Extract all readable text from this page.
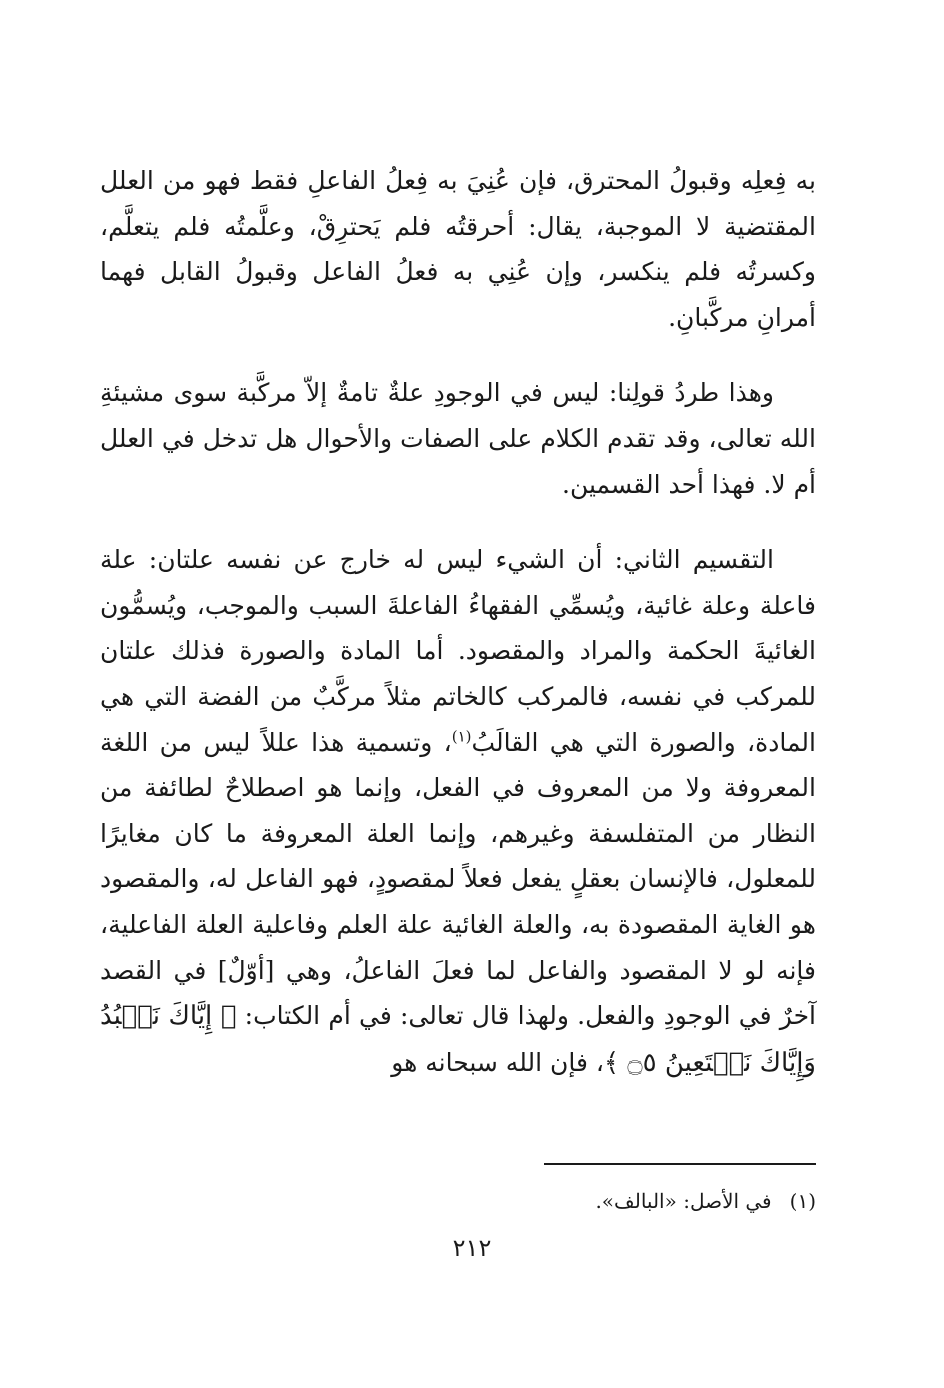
به فِعلِه وقبولُ المحترق، فإن عُنِيَ به فِعلُ الفاعلِ فقط فهو من العلل المقتضية لا الموجبة، يقال: أحرقتُه فلم يَحترِقْ، وعلَّمتُه فلم يتعلَّم، وكسرتُه فلم ينكسر، وإن عُنِي به فعلُ الفاعل وقبولُ القابل فهما أمرانِ مركَّبانِ.

وهذا طردُ قولِنا: ليس في الوجودِ علةٌ تامةٌ إلاّ مركَّبة سوى مشيئةِ الله تعالى، وقد تقدم الكلام على الصفات والأحوال هل تدخل في العلل أم لا. فهذا أحد القسمين.

التقسيم الثاني: أن الشيء ليس له خارج عن نفسه علتان: علة فاعلة وعلة غائية، ويُسمِّي الفقهاءُ الفاعلةَ السبب والموجب، ويُسمُّون الغائيةَ الحكمة والمراد والمقصود. أما المادة والصورة فذلك علتان للمركب في نفسه، فالمركب كالخاتم مثلاً مركَّبٌ من الفضة التي هي المادة، والصورة التي هي القالَبُ$^{(١)}$، وتسمية هذا عللاً ليس من اللغة المعروفة ولا من المعروف في الفعل، وإنما هو اصطلاحٌ لطائفة من النظار من المتفلسفة وغيرهم، وإنما العلة المعروفة ما كان مغايرًا للمعلول، فالإنسان بعقلٍ يفعل فعلاً لمقصودٍ، فهو الفاعل له، والمقصود هو الغاية المقصودة به، والعلة الغائية علة العلم وفاعلية العلة الفاعلية، فإنه لو لا المقصود والفاعل لما فعلَ الفاعلُ، وهي [أوّلٌ] في القصد آخرٌ في الوجودِ والفعل. ولهذا قال تعالى: في أم الكتاب: ﴿ إِيَّاكَ نَعۡبُدُ وَإِيَّاكَ نَسۡتَعِينُ ۝٥ ﴾، فإن الله سبحانه هو

(١)في الأصل: «البالف».

٢١٢
